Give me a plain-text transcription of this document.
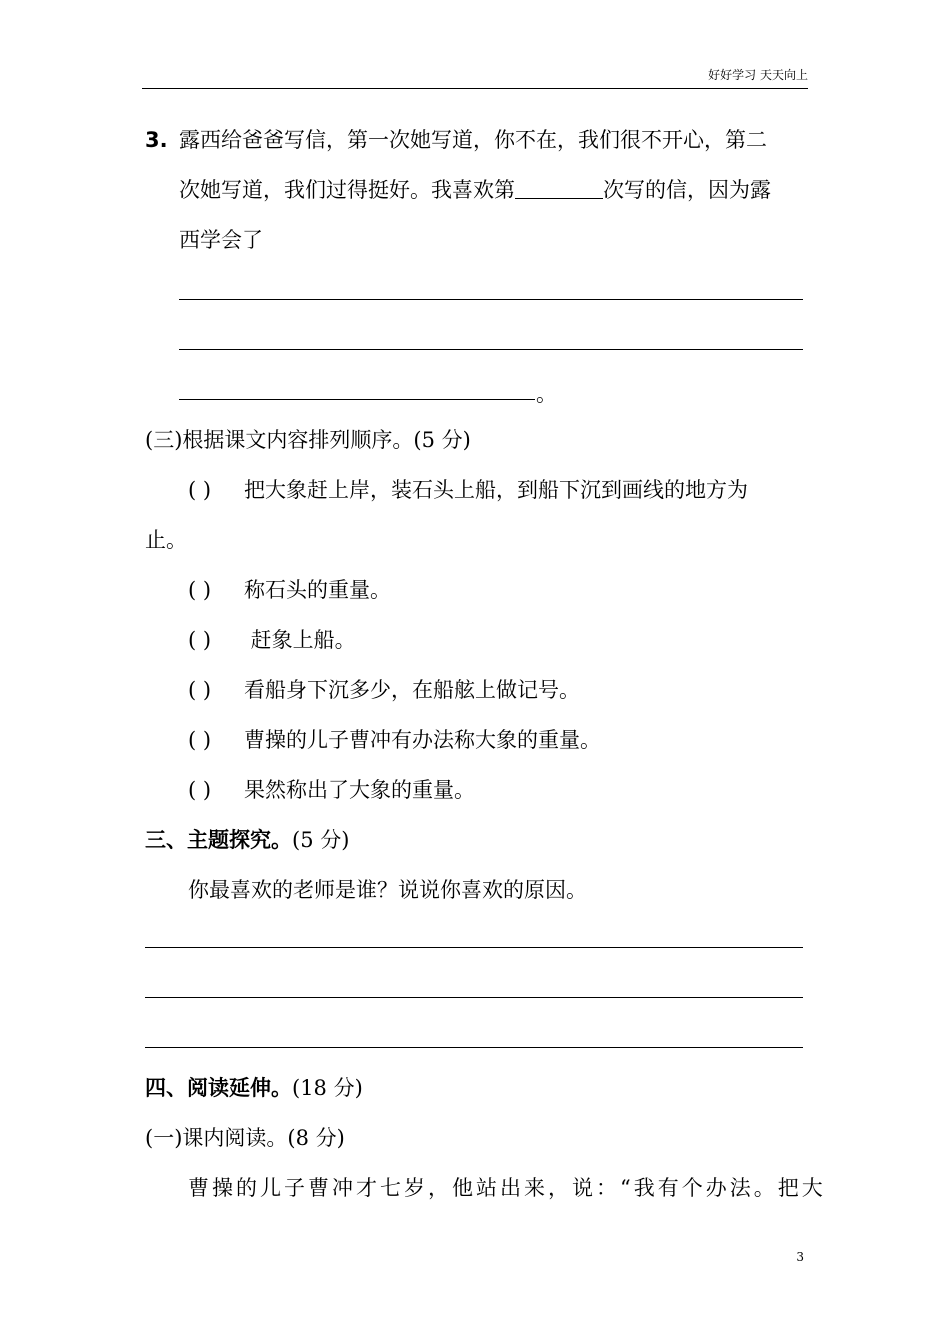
好好学习 天天向上
3. 露西给爸爸写信，第一次她写道，你不在，我们很不开心，第二
次她写道，我们过得挺好。我喜欢第	次写的信，因为露
西学会了
。
(三)根据课文内容排列顺序。(5 分)
( ) 把大象赶上岸，装石头上船，到船下沉到画线的地方为
止。
( ) 称石头的重量。
( ) 赶象上船。
( ) 看船身下沉多少，在船舷上做记号。
( ) 曹操的儿子曹冲有办法称大象的重量。
( ) 果然称出了大象的重量。
三、主题探究。(5 分)
你最喜欢的老师是谁？说说你喜欢的原因。
四、阅读延伸。(18 分)
(一)课内阅读。(8 分)
曹操的儿子曹冲才七岁，他站出来，说：“我有个办法。把大
3
